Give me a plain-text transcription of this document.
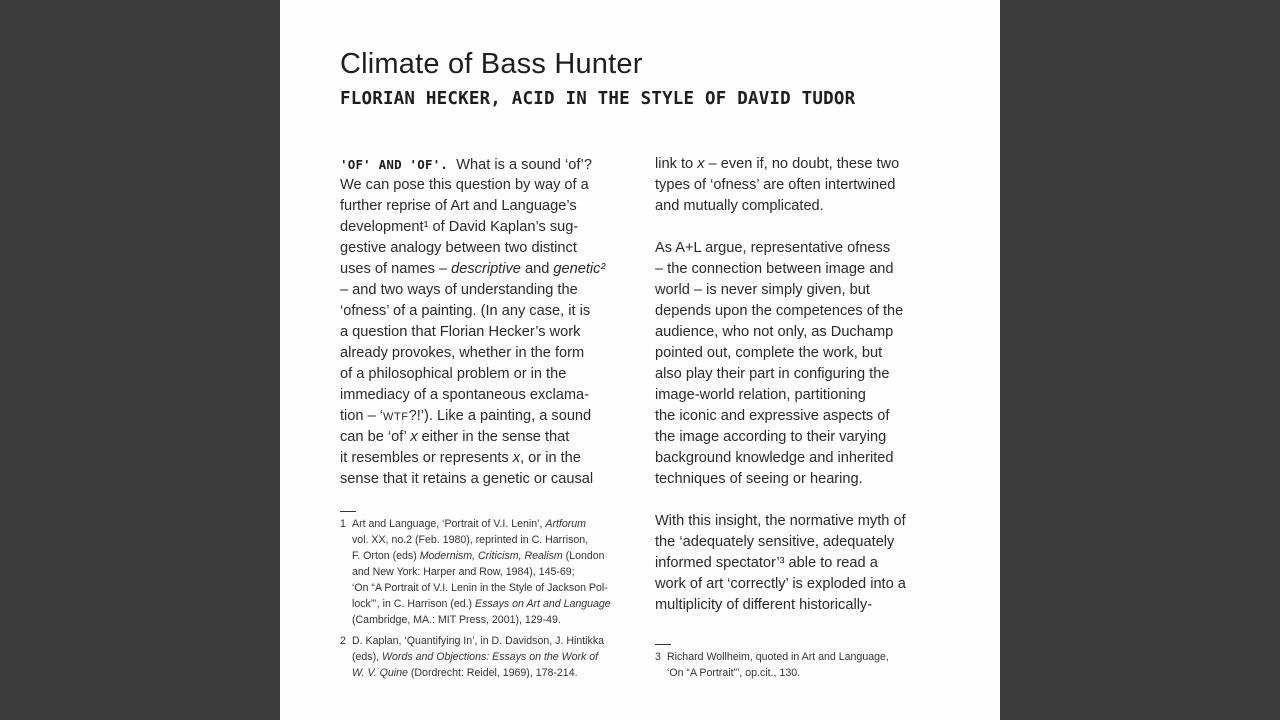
Climate of Bass Hunter
FLORIAN HECKER, ACID IN THE STYLE OF DAVID TUDOR
'OF' AND 'OF'. What is a sound ‘of’?
We can pose this question by way of a
further reprise of Art and Language’s
development¹ of David Kaplan’s sug-
gestive analogy between two distinct
uses of names – descriptive and genetic²
– and two ways of understanding the
‘ofness’ of a painting. (In any case, it is
a question that Florian Hecker’s work
already provokes, whether in the form
of a philosophical problem or in the
immediacy of a spontaneous exclama-
tion – ‘WTF?!’). Like a painting, a sound
can be ‘of’ x either in the sense that
it resembles or represents x, or in the
sense that it retains a genetic or causal
link to x – even if, no doubt, these two
types of ‘ofness’ are often intertwined
and mutually complicated.
As A+L argue, representative ofness
– the connection between image and
world – is never simply given, but
depends upon the competences of the
audience, who not only, as Duchamp
pointed out, complete the work, but
also play their part in configuring the
image-world relation, partitioning
the iconic and expressive aspects of
the image according to their varying
background knowledge and inherited
techniques of seeing or hearing.
With this insight, the normative myth of
the ‘adequately sensitive, adequately
informed spectator’³ able to read a
work of art ‘correctly’ is exploded into a
multiplicity of different historically-
1 Art and Language, ‘Portrait of V.I. Lenin’, Artforum
vol. XX, no.2 (Feb. 1980), reprinted in C. Harrison,
F. Orton (eds) Modernism, Criticism, Realism (London
and New York: Harper and Row, 1984), 145-69;
‘On “A Portrait of V.I. Lenin in the Style of Jackson Pol-
lock”’, in C. Harrison (ed.) Essays on Art and Language
(Cambridge, MA.: MIT Press, 2001), 129-49.
2 D. Kaplan, ‘Quantifying In’, in D. Davidson, J. Hintikka
(eds), Words and Objections: Essays on the Work of
W. V. Quine (Dordrecht: Reidel, 1969), 178-214.
3 Richard Wollheim, quoted in Art and Language,
‘On “A Portrait”’, op.cit., 130.
